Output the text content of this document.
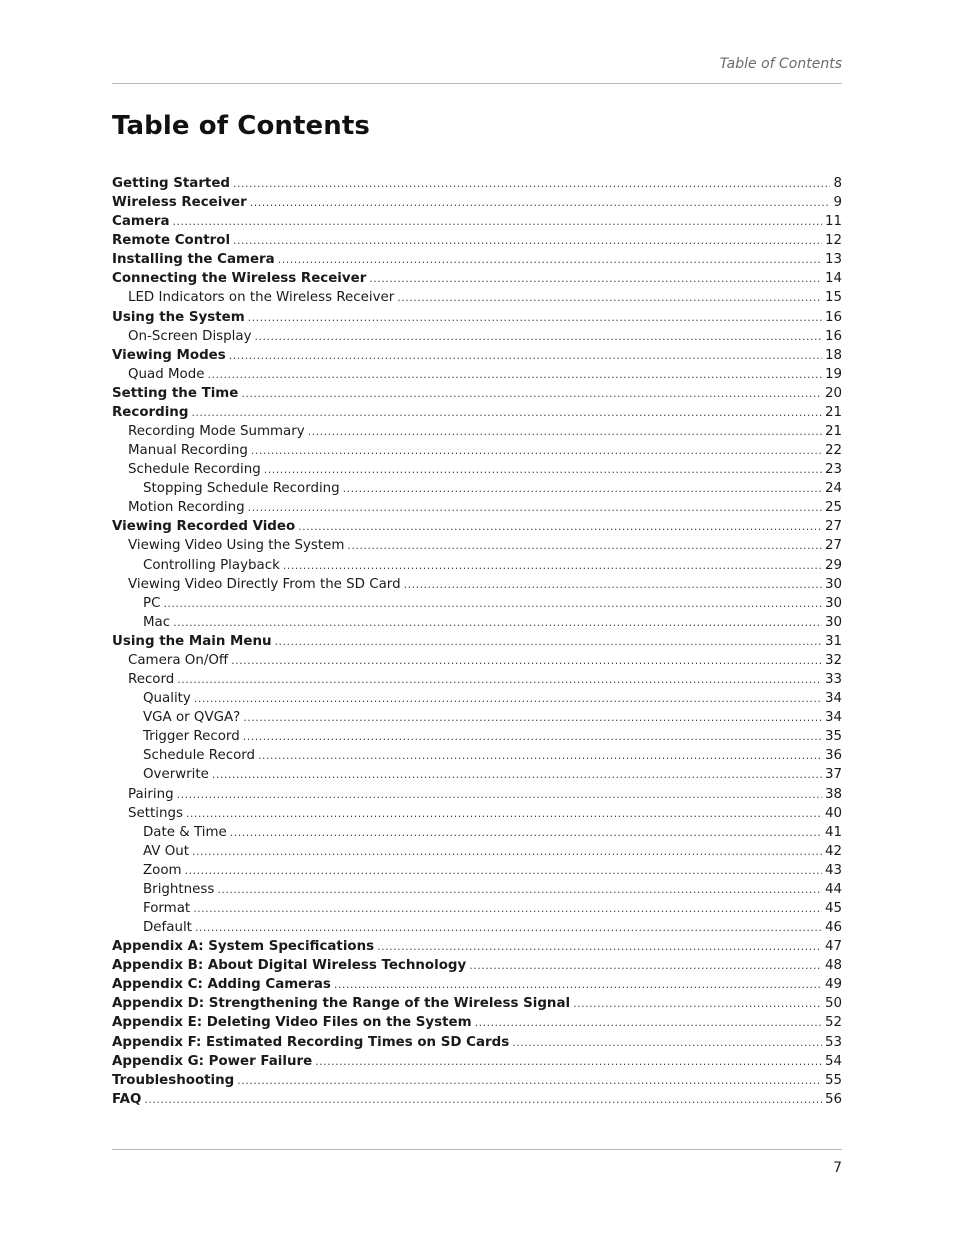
Table of Contents
Table of Contents
Getting Started .....	8
Wireless Receiver .....	9
Camera .....	11
Remote Control .....	12
Installing the Camera .....	13
Connecting the Wireless Receiver .....	14
LED Indicators on the Wireless Receiver .....	15
Using the System .....	16
On-Screen Display .....	16
Viewing Modes .....	18
Quad Mode .....	19
Setting the Time .....	20
Recording .....	21
Recording Mode Summary .....	21
Manual Recording .....	22
Schedule Recording .....	23
Stopping Schedule Recording .....	24
Motion Recording .....	25
Viewing Recorded Video .....	27
Viewing Video Using the System .....	27
Controlling Playback .....	29
Viewing Video Directly From the SD Card .....	30
PC .....	30
Mac .....	30
Using the Main Menu .....	31
Camera On/Off .....	32
Record .....	33
Quality .....	34
VGA or QVGA? .....	34
Trigger Record .....	35
Schedule Record .....	36
Overwrite .....	37
Pairing .....	38
Settings .....	40
Date & Time .....	41
AV Out .....	42
Zoom .....	43
Brightness .....	44
Format .....	45
Default .....	46
Appendix A: System Specifications .....	47
Appendix B: About Digital Wireless Technology .....	48
Appendix C: Adding Cameras .....	49
Appendix D: Strengthening the Range of the Wireless Signal .....	50
Appendix E: Deleting Video Files on the System .....	52
Appendix F: Estimated Recording Times on SD Cards .....	53
Appendix G: Power Failure .....	54
Troubleshooting .....	55
FAQ .....	56
7
